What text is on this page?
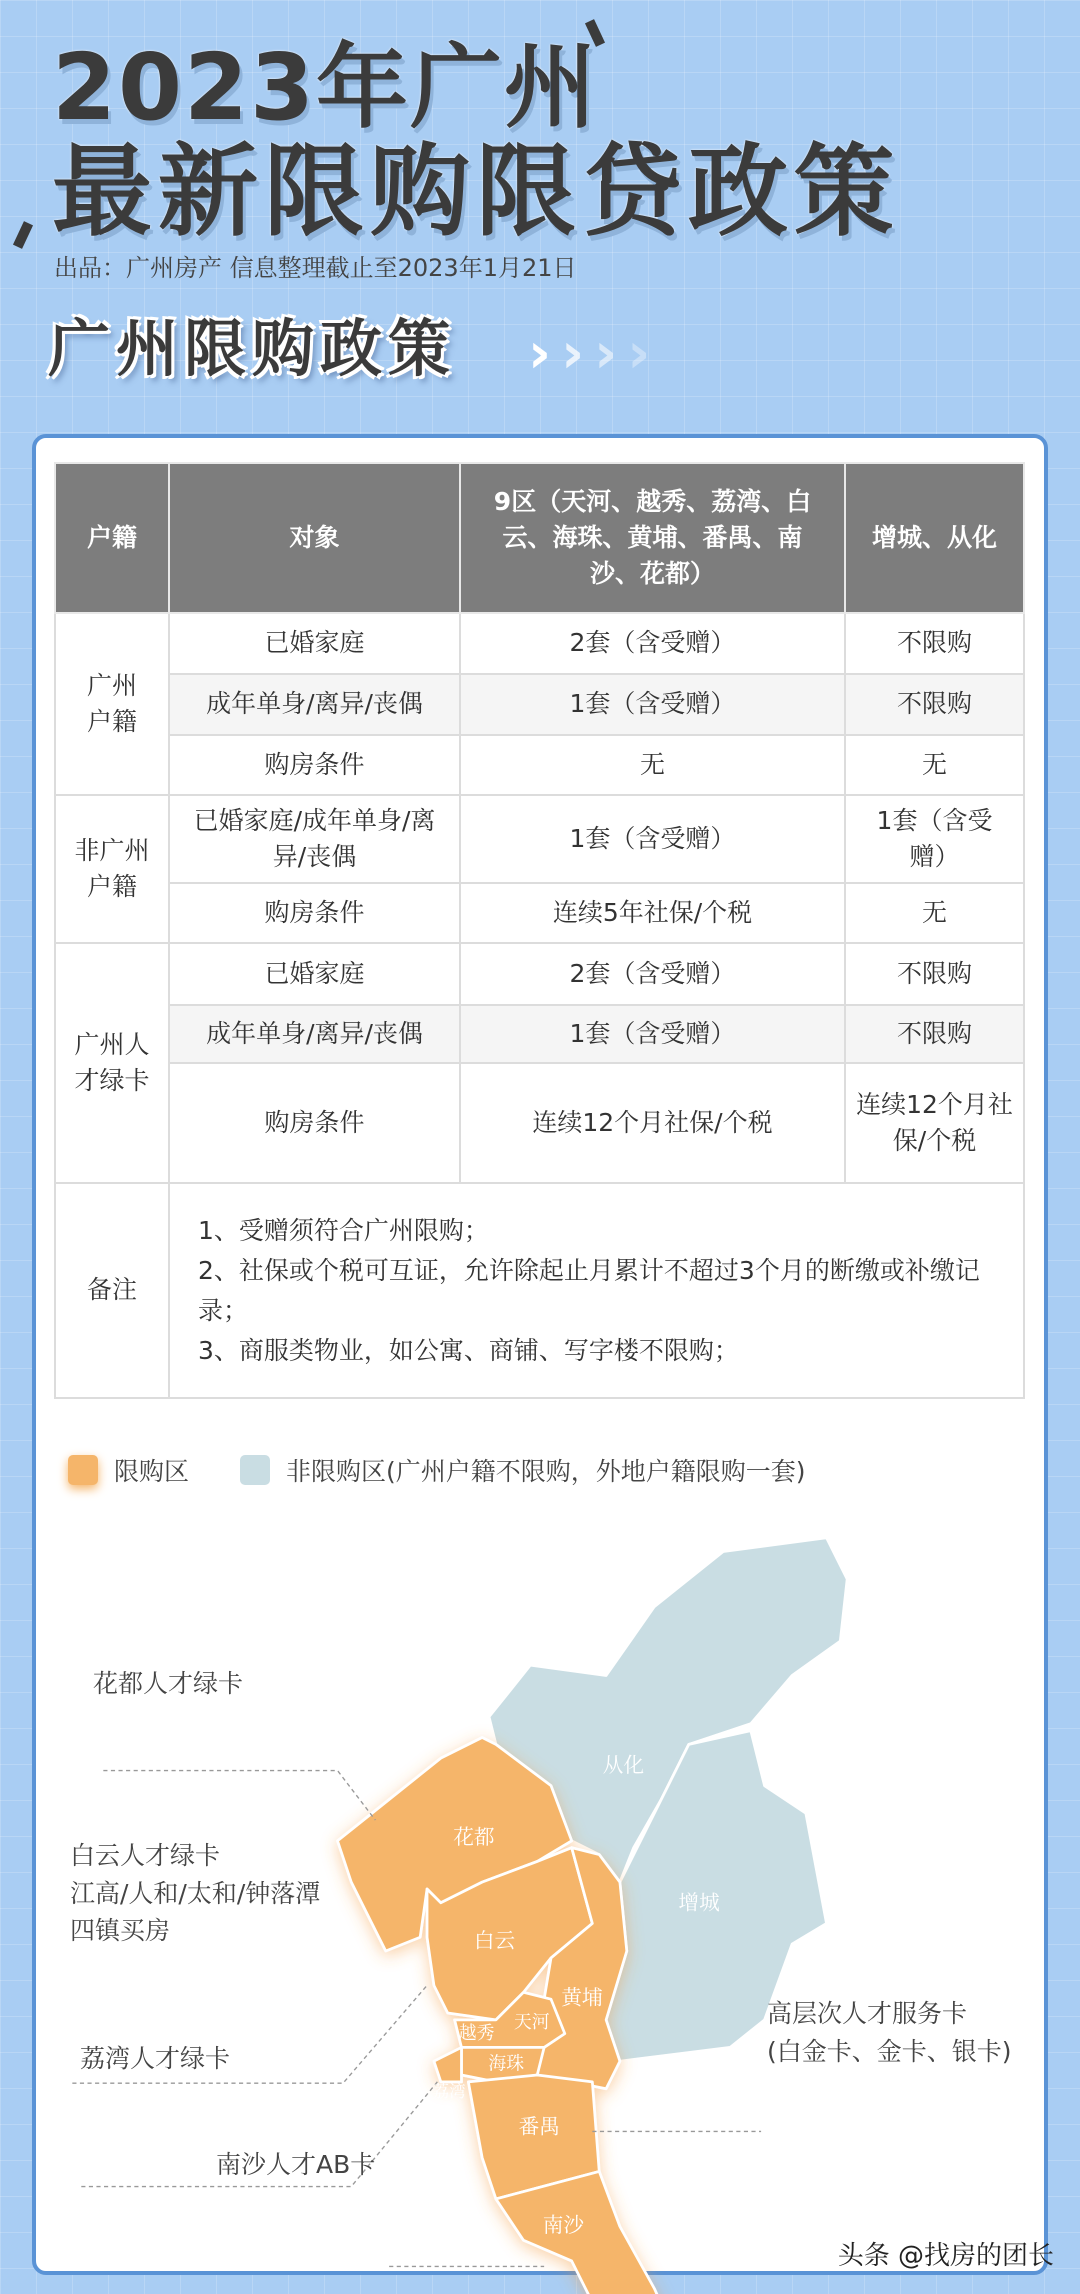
2023年广州
最新限购限贷政策
出品：广州房产 信息整理截止至2023年1月21日
广州限购政策 › › › ›
户籍	对象	9区（天河、越秀、荔湾、白云、海珠、黄埔、番禺、南沙、花都）	增城、从化
广州户籍	已婚家庭	2套（含受赠）	不限购
	成年单身/离异/丧偶	1套（含受赠）	不限购
	购房条件	无	无
非广州户籍	已婚家庭/成年单身/离异/丧偶	1套（含受赠）	1套（含受赠）
	购房条件	连续5年社保/个税	无
广州人才绿卡	已婚家庭	2套（含受赠）	不限购
	成年单身/离异/丧偶	1套（含受赠）	不限购
	购房条件	连续12个月社保/个税	连续12个月社保/个税
备注	1、受赠须符合广州限购；
2、社保或个税可互证，允许除起止月累计不超过3个月的断缴或补缴记录；
3、商服类物业，如公寓、商铺、写字楼不限购；		
限购区	非限购区(广州户籍不限购，外地户籍限购一套)
从化
增城
花都
白云
黄埔
越秀
天河
海珠
荔湾
番禺
南沙
花都人才绿卡
白云人才绿卡
江高/人和/太和/钟落潭
四镇买房
荔湾人才绿卡
南沙人才AB卡
高层次人才服务卡
(白金卡、金卡、银卡)
头条 @找房的团长
